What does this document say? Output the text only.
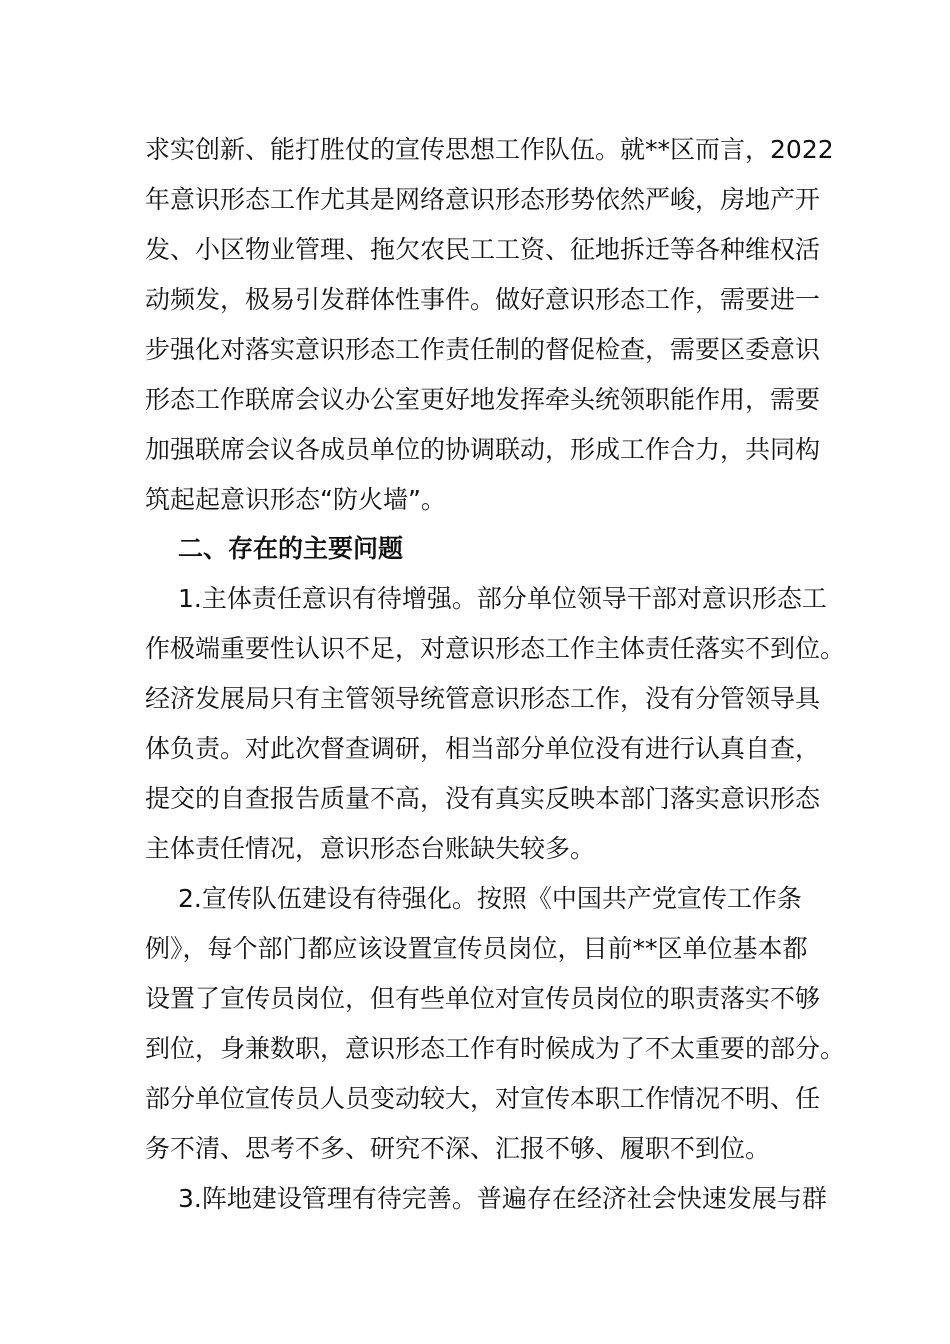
求实创新、能打胜仗的宣传思想工作队伍。就**区而言，2022

年意识形态工作尤其是网络意识形态形势依然严峻，房地产开

发、小区物业管理、拖欠农民工工资、征地拆迁等各种维权活

动频发，极易引发群体性事件。做好意识形态工作，需要进一

步强化对落实意识形态工作责任制的督促检查，需要区委意识

形态工作联席会议办公室更好地发挥牵头统领职能作用，需要

加强联席会议各成员单位的协调联动，形成工作合力，共同构

筑起起意识形态“防火墙”。

二、存在的主要问题

1.主体责任意识有待增强。部分单位领导干部对意识形态工

作极端重要性认识不足，对意识形态工作主体责任落实不到位。

经济发展局只有主管领导统管意识形态工作，没有分管领导具

体负责。对此次督查调研，相当部分单位没有进行认真自查，

提交的自查报告质量不高，没有真实反映本部门落实意识形态

主体责任情况，意识形态台账缺失较多。

2.宣传队伍建设有待强化。按照《中国共产党宣传工作条

例》，每个部门都应该设置宣传员岗位，目前**区单位基本都

设置了宣传员岗位，但有些单位对宣传员岗位的职责落实不够

到位，身兼数职，意识形态工作有时候成为了不太重要的部分。

部分单位宣传员人员变动较大，对宣传本职工作情况不明、任

务不清、思考不多、研究不深、汇报不够、履职不到位。

3.阵地建设管理有待完善。普遍存在经济社会快速发展与群
